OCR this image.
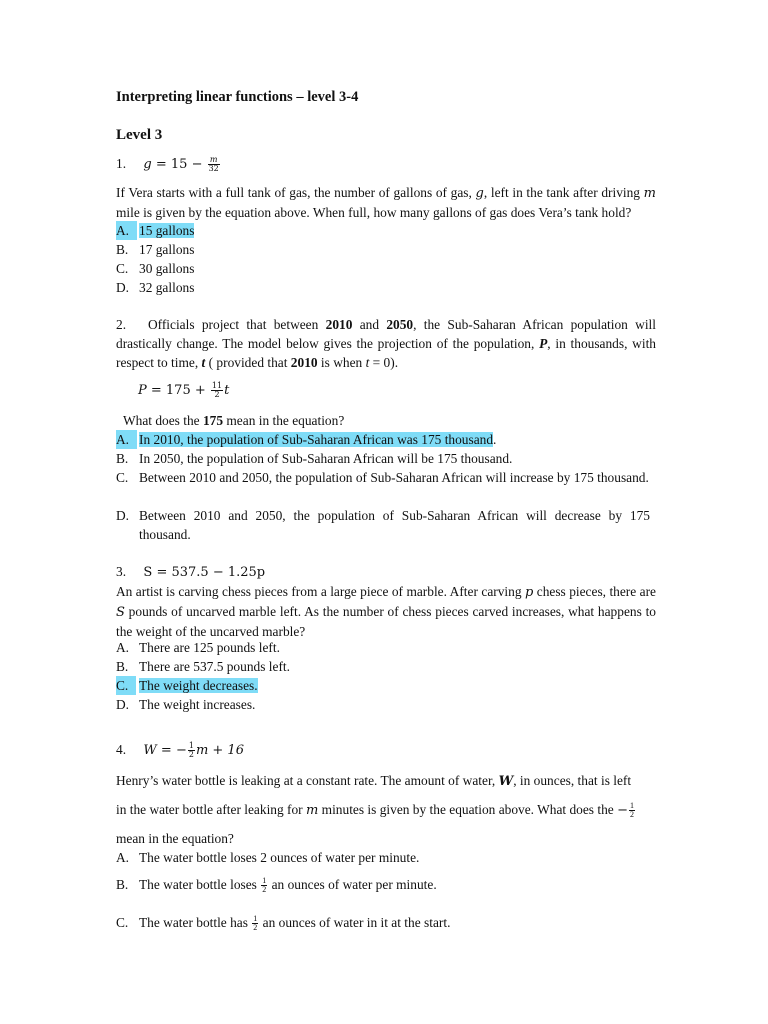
Interpreting linear functions – level 3-4
Level 3
1. $g = 15 - \frac{m}{32}$
If Vera starts with a full tank of gas, the number of gallons of gas, g, left in the tank after driving m mile is given by the equation above. When full, how many gallons of gas does Vera’s tank hold?
A. 15 gallons
B. 17 gallons
C. 30 gallons
D. 32 gallons
2.   Officials project that between 2010 and 2050, the Sub-Saharan African population will drastically change. The model below gives the projection of the population, P, in thousands, with respect to time, t ( provided that 2010 is when t = 0).
$P = 175 + \frac{11}{2}$ t
What does the 175 mean in the equation?
A. In 2010, the population of Sub-Saharan African was 175 thousand.
B. In 2050, the population of Sub-Saharan African will be 175 thousand.
C. Between 2010 and 2050, the population of Sub-Saharan African will increase by 175 thousand.
D. Between 2010 and 2050, the population of Sub-Saharan African will decrease by 175 thousand.
3. S = 537.5 − 1.25p
An artist is carving chess pieces from a large piece of marble. After carving p chess pieces, there are S pounds of uncarved marble left. As the number of chess pieces carved increases, what happens to the weight of the uncarved marble?
A. There are 125 pounds left.
B. There are 537.5 pounds left.
C. The weight decreases.
D. The weight increases.
4. W = − $\frac{1}{2}$ m + 16
Henry’s water bottle is leaking at a constant rate. The amount of water, W, in ounces, that is left
in the water bottle after leaking for m minutes is given by the equation above. What does the − $\frac{1}{2}$
mean in the equation?
A. The water bottle loses 2 ounces of water per minute.
B. The water bottle loses $\frac{1}{2}$ an ounces of water per minute.
C. The water bottle has $\frac{1}{2}$ an ounces of water in it at the start.
